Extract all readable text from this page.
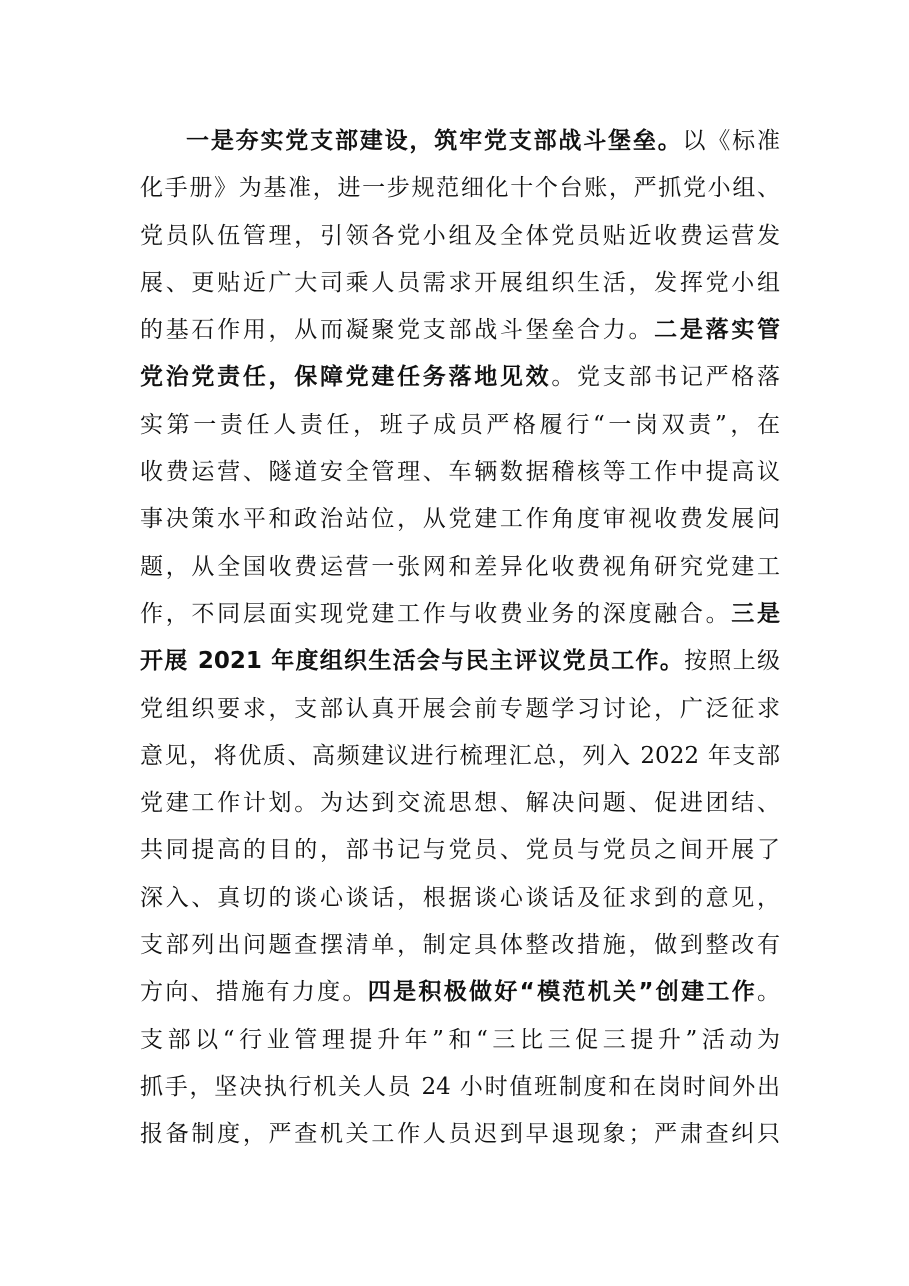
一是夯实党支部建设，筑牢党支部战斗堡垒。以《标准
化手册》为基准，进一步规范细化十个台账，严抓党小组、
党员队伍管理，引领各党小组及全体党员贴近收费运营发
展、更贴近广大司乘人员需求开展组织生活，发挥党小组
的基石作用，从而凝聚党支部战斗堡垒合力。二是落实管
党治党责任，保障党建任务落地见效。党支部书记严格落
实第一责任人责任，班子成员严格履行“一岗双责”，在
收费运营、隧道安全管理、车辆数据稽核等工作中提高议
事决策水平和政治站位，从党建工作角度审视收费发展问
题，从全国收费运营一张网和差异化收费视角研究党建工
作，不同层面实现党建工作与收费业务的深度融合。三是
开展 2021 年度组织生活会与民主评议党员工作。按照上级
党组织要求，支部认真开展会前专题学习讨论，广泛征求
意见，将优质、高频建议进行梳理汇总，列入 2022 年支部
党建工作计划。为达到交流思想、解决问题、促进团结、
共同提高的目的，部书记与党员、党员与党员之间开展了
深入、真切的谈心谈话，根据谈心谈话及征求到的意见，
支部列出问题查摆清单，制定具体整改措施，做到整改有
方向、措施有力度。四是积极做好“模范机关”创建工作。
支部以“行业管理提升年”和“三比三促三提升”活动为
抓手，坚决执行机关人员 24 小时值班制度和在岗时间外出
报备制度，严查机关工作人员迟到早退现象；严肃查纠只
